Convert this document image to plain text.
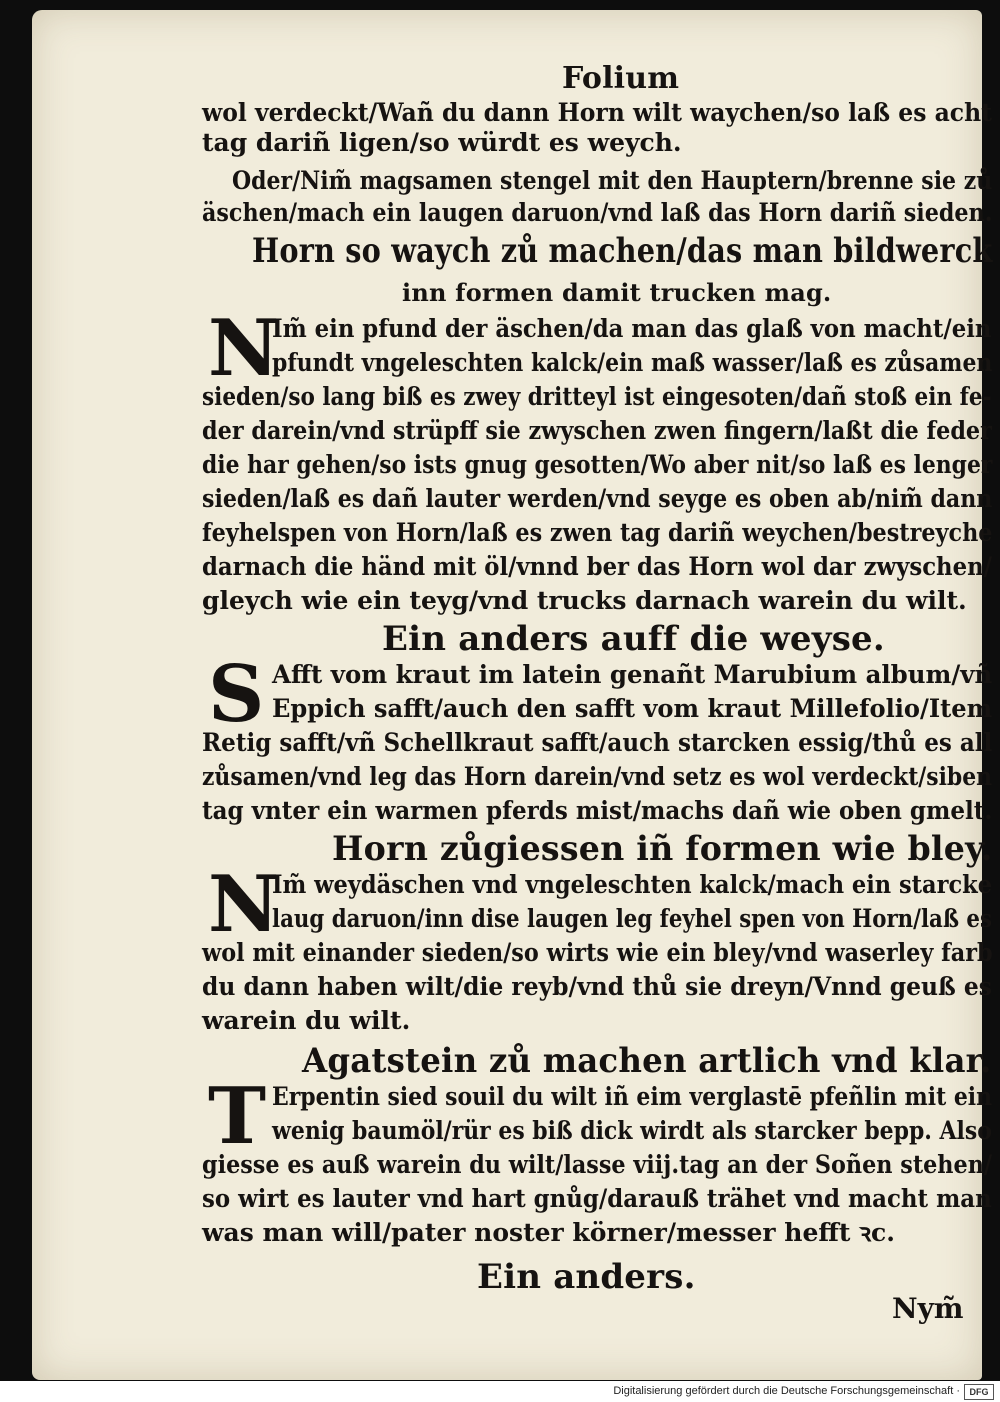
Folium
wol verdeckt/Wañ du dann Horn wilt waychen/so laß es acht
tag dariñ ligen/so würdt es weych.
Oder/Nim̃ magsamen stengel mit den Hauptern/brenne sie zů
äschen/mach ein laugen daruon/vnd laß das Horn dariñ sieden.
Horn so waych zů machen/das man bildwerck
inn formen damit trucken mag.
N
Im̃ ein pfund der äschen/da man das glaß von macht/ein
pfundt vngeleschten kalck/ein maß wasser/laß es zůsamen
sieden/so lang biß es zwey dritteyl ist eingesoten/dañ stoß ein fe-
der darein/vnd strüpff sie zwyschen zwen fingern/laßt die feder
die har gehen/so ists gnug gesotten/Wo aber nit/so laß es lenger
sieden/laß es dañ lauter werden/vnd seyge es oben ab/nim̃ dann
feyhelspen von Horn/laß es zwen tag dariñ weychen/bestreyche
darnach die händ mit öl/vnnd ber das Horn wol dar zwyschen/
gleych wie ein teyg/vnd trucks darnach warein du wilt.
Ein anders auff die weyse.
S Afft vom kraut im latein genañt Marubium album/vñ
Eppich safft/auch den safft vom kraut Millefolio/Item
Retig safft/vñ Schellkraut safft/auch starcken essig/thů es all
zůsamen/vnd leg das Horn darein/vnd setz es wol verdeckt/siben
tag vnter ein warmen pferds mist/machs dañ wie oben gmelt.
Horn zůgiessen iñ formen wie bley.
N
Im̃ weydäschen vnd vngeleschten kalck/mach ein starcke
laug daruon/inn dise laugen leg feyhel spen von Horn/laß es
wol mit einander sieden/so wirts wie ein bley/vnd waserley farb
du dann haben wilt/die reyb/vnd thů sie dreyn/Vnnd geuß es
warein du wilt.
Agatstein zů machen artlich vnd klar.
T Erpentin sied souil du wilt iñ eim verglastē pfeñlin mit ein
wenig baumöl/rür es biß dick wirdt als starcker bepp. Also
giesse es auß warein du wilt/lasse viij.tag an der Soñen stehen/
so wirt es lauter vnd hart gnůg/darauß trähet vnd macht man
was man will/pater noster körner/messer hefft ꝛc.
Ein anders.
Nym̃
Digitalisierung gefördert durch die Deutsche Forschungsgemeinschaft ·	DFG
